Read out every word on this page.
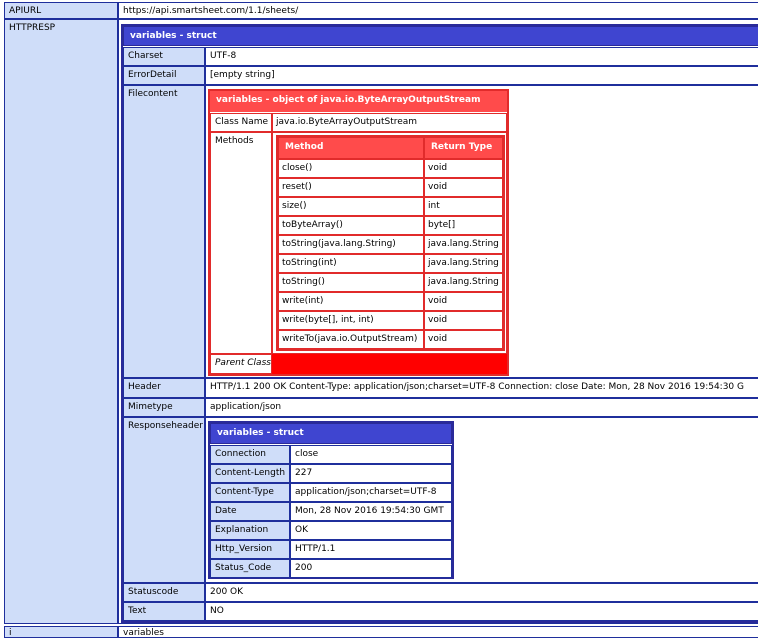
APIURL	https://api.smartsheet.com/1.1/sheets/
HTTPRESP
variables - struct
Charset	UTF-8
ErrorDetail	[empty string]
Filecontent
variables - object of java.io.ByteArrayOutputStream
Class Name java.io.ByteArrayOutputStream
Methods
Method	Return Type
close()	void
reset()	void
size()	int
toByteArray()	byte[]
toString(java.lang.String)	java.lang.String
toString(int)	java.lang.String
toString()	java.lang.String
write(int)	void
write(byte[], int, int)	void
writeTo(java.io.OutputStream)	void
Parent Class
Header	HTTP/1.1 200 OK Content-Type: application/json;charset=UTF-8 Connection: close Date: Mon, 28 Nov 2016 19:54:30 G
Mimetype	application/json
Responseheader
variables - struct
Connection	close
Content-Length	227
Content-Type	application/json;charset=UTF-8
Date	Mon, 28 Nov 2016 19:54:30 GMT
Explanation	OK
Http_Version	HTTP/1.1
Status_Code	200
Statuscode	200 OK
Text	NO
i	variables
